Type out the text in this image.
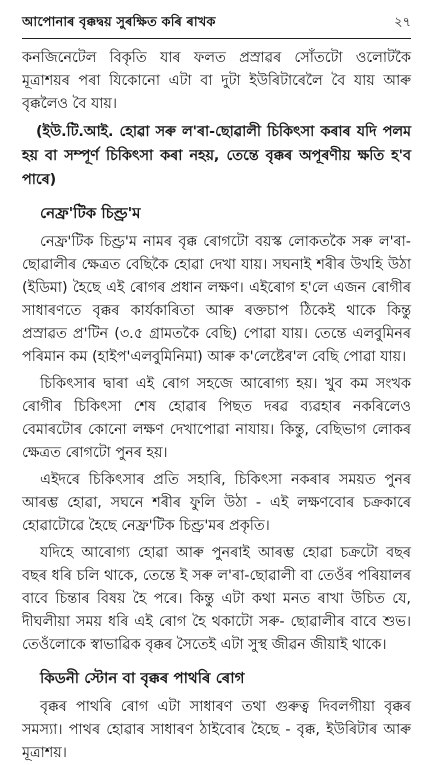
আপোনাৰ বৃক্কদ্বয় সুৰক্ষিত কৰি ৰাখক	২৭

কনজিনেটেল বিকৃতি যাৰ ফলত প্ৰস্ৰাৱৰ সোঁতটো ওলোটকৈ মূত্ৰাশয়ৰ পৰা যিকোনো এটা বা দুটা ইউৰিটাৰেলৈ বৈ যায় আৰু বৃক্কলৈও বৈ যায়।

(ইউ.টি.আই. হোৱা সৰু ল'ৰা-ছোৱালী চিকিৎসা কৰাৰ যদি পলম হয় বা সম্পূৰ্ণ চিকিৎসা কৰা নহয়, তেন্তে বৃক্কৰ অপূৰণীয় ক্ষতি হ'ব পাৰে)

নেফ্ৰ'টিক চিণ্ড্ৰ'ম

নেফ্ৰ'টিক চিণ্ড্ৰ'ম নামৰ বৃক্ক ৰোগটো বয়স্ক লোকতকৈ সৰু ল'ৰা-ছোৱালীৰ ক্ষেত্ৰত বেছিকৈ হোৱা দেখা যায়। সঘনাই শৰীৰ উখহি উঠা (ইডিমা) হৈছে এই ৰোগৰ প্ৰধান লক্ষণ। এইৰোগ হ'লে এজন ৰোগীৰ সাধাৰণতে বৃক্কৰ কাৰ্যকাৰিতা আৰু ৰক্তচাপ ঠিকেই থাকে কিন্তু প্ৰস্ৰাৱত প্ৰ'টিন (৩.৫ গ্ৰামতকৈ বেছি) পোৱা যায়। তেন্তে এলবুমিনৰ পৰিমান কম (হাইপ'এলবুমিনিমা) আৰু ক'লেষ্টেৰ'ল বেছি পোৱা যায়।

চিকিৎসাৰ দ্বাৰা এই ৰোগ সহজে আৰোগ্য হয়। খুব কম সংখক ৰোগীৰ চিকিৎসা শেষ হোৱাৰ পিছত দৰৱ ব্যৱহাৰ নকৰিলেও বেমাৰটোৰ কোনো লক্ষণ দেখাপোৱা নাযায়। কিন্তু, বেছিভাগ লোকৰ ক্ষেত্ৰত ৰোগটো পুনৰ হয়।

এইদৰে চিকিৎসাৰ প্ৰতি সহাৰি, চিকিৎসা নকৰাৰ সময়ত পুনৰ আৰম্ভ হোৱা, সঘনে শৰীৰ ফুলি উঠা - এই লক্ষণবোৰ চক্ৰকাৰে হোৱাটোৱে হৈছে নেফ্ৰ'টিক চিণ্ড্ৰ'মৰ প্ৰকৃতি।

যদিহে আৰোগ্য হোৱা আৰু পুনৰাই আৰম্ভ হোৱা চক্ৰটো বছৰ বছৰ ধৰি চলি থাকে, তেন্তে ই সৰু ল'ৰা-ছোৱালী বা তেওঁৰ পৰিয়ালৰ বাবে চিন্তাৰ বিষয় হৈ পৰে। কিন্তু এটা কথা মনত ৰাখা উচিত যে, দীঘলীয়া সময় ধৰি এই ৰোগ হৈ থকাটো সৰু- ছোৱালীৰ বাবে শুভ। তেওঁলোকে স্বাভাৱিক বৃক্কৰ সৈতেই এটা সুস্থ জীৱন জীয়াই থাকে।

কিডনী স্টোন বা বৃক্কৰ পাথৰি ৰোগ

বৃক্কৰ পাথৰি ৰোগ এটা সাধাৰণ তথা গুৰুত্ব দিবলগীয়া বৃক্কৰ সমস্যা। পাথৰ হোৱাৰ সাধাৰণ ঠাইবোৰ হৈছে - বৃক্ক, ইউৰিটাৰ আৰু মূত্ৰাশয়।
